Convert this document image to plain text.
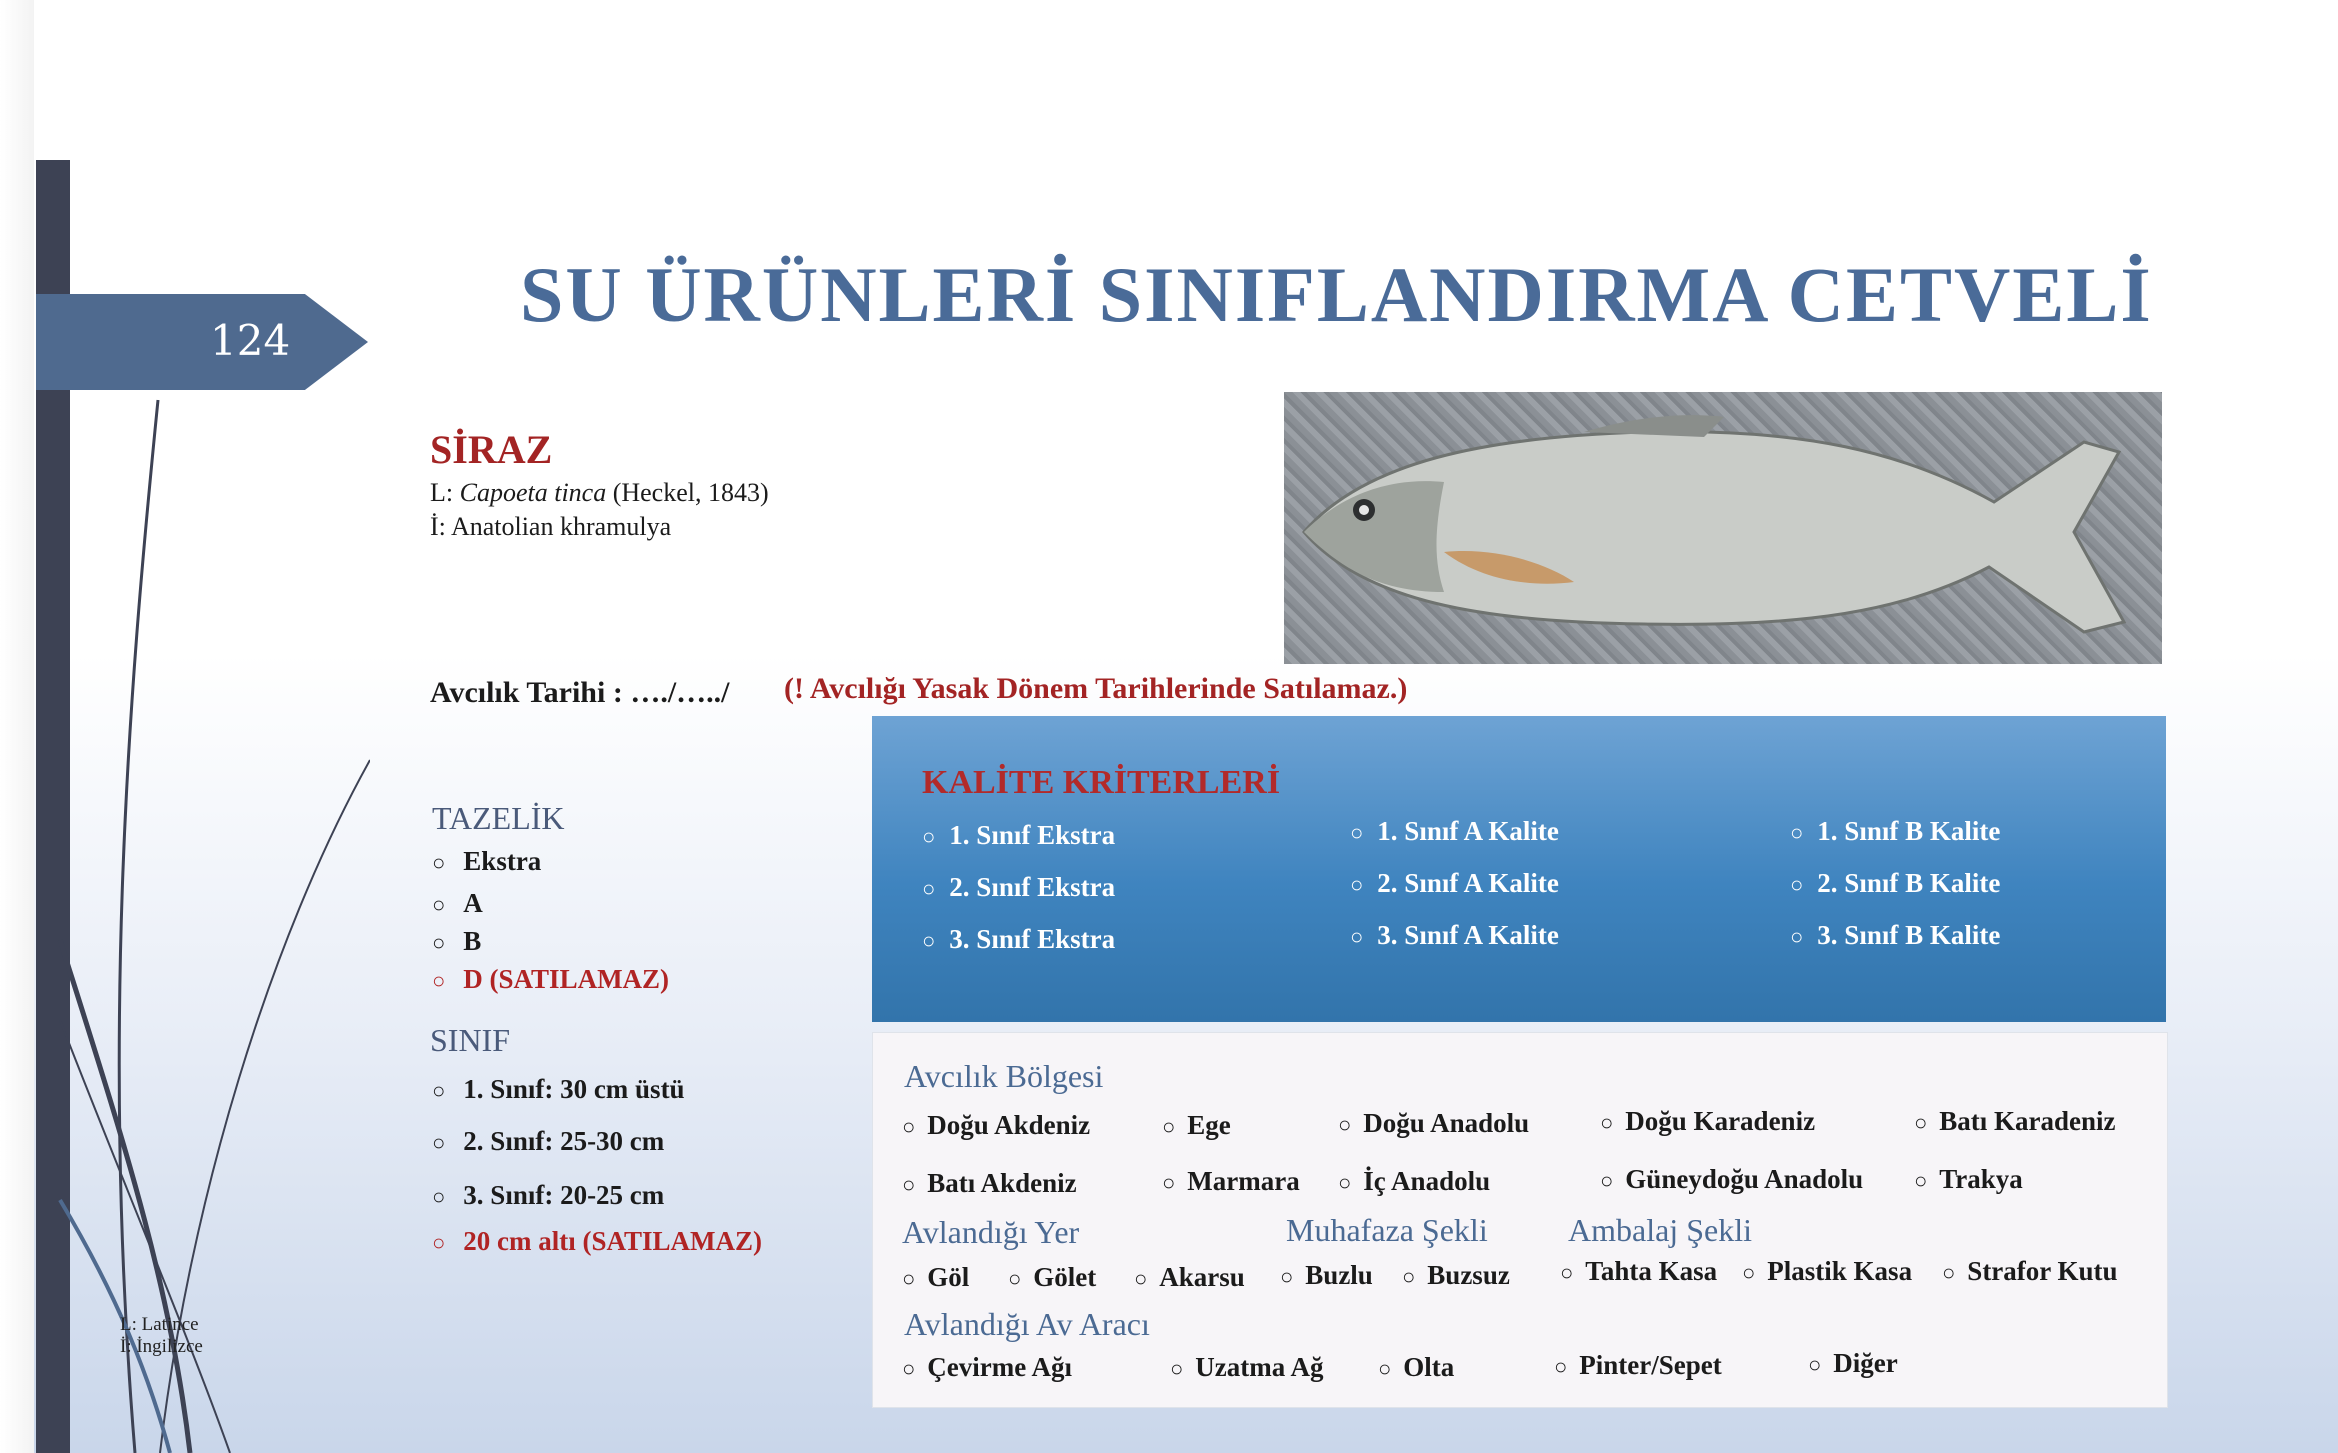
124
SU ÜRÜNLERİ SINIFLANDIRMA CETVELİ
SİRAZ
L: Capoeta tinca (Heckel, 1843)
İ: Anatolian khramulya
Avcılık Tarihi : …./…../ (! Avcılığı Yasak Dönem Tarihlerinde Satılamaz.)
TAZELİK
○ Ekstra
○ A
○ B
○ D (SATILAMAZ)
SINIF
○ 1. Sınıf: 30 cm üstü
○ 2. Sınıf: 25-30 cm
○ 3. Sınıf: 20-25 cm
○ 20 cm altı (SATILAMAZ)
KALİTE KRİTERLERİ
○ 1. Sınıf Ekstra
○ 2. Sınıf Ekstra
○ 3. Sınıf Ekstra
○ 1. Sınıf A Kalite
○ 2. Sınıf A Kalite
○ 3. Sınıf A Kalite
○ 1. Sınıf B Kalite
○ 2. Sınıf B Kalite
○ 3. Sınıf B Kalite
Avcılık Bölgesi
○ Doğu Akdeniz	○ Ege	○ Doğu Anadolu	○ Doğu Karadeniz	○ Batı Karadeniz
○ Batı Akdeniz	○ Marmara ○ İç Anadolu	○ Güneydoğu Anadolu ○ Trakya
Avlandığı Yer	Muhafaza Şekli	Ambalaj Şekli
○ Göl ○ Gölet ○ Akarsu ○ Buzlu ○ Buzsuz ○ Tahta Kasa ○ Plastik Kasa ○ Strafor Kutu
Avlandığı Av Aracı
○ Çevirme Ağı	○ Uzatma Ağ ○ Olta	○ Pinter/Sepet	○ Diğer
L: Latince
İ: İngilizce
